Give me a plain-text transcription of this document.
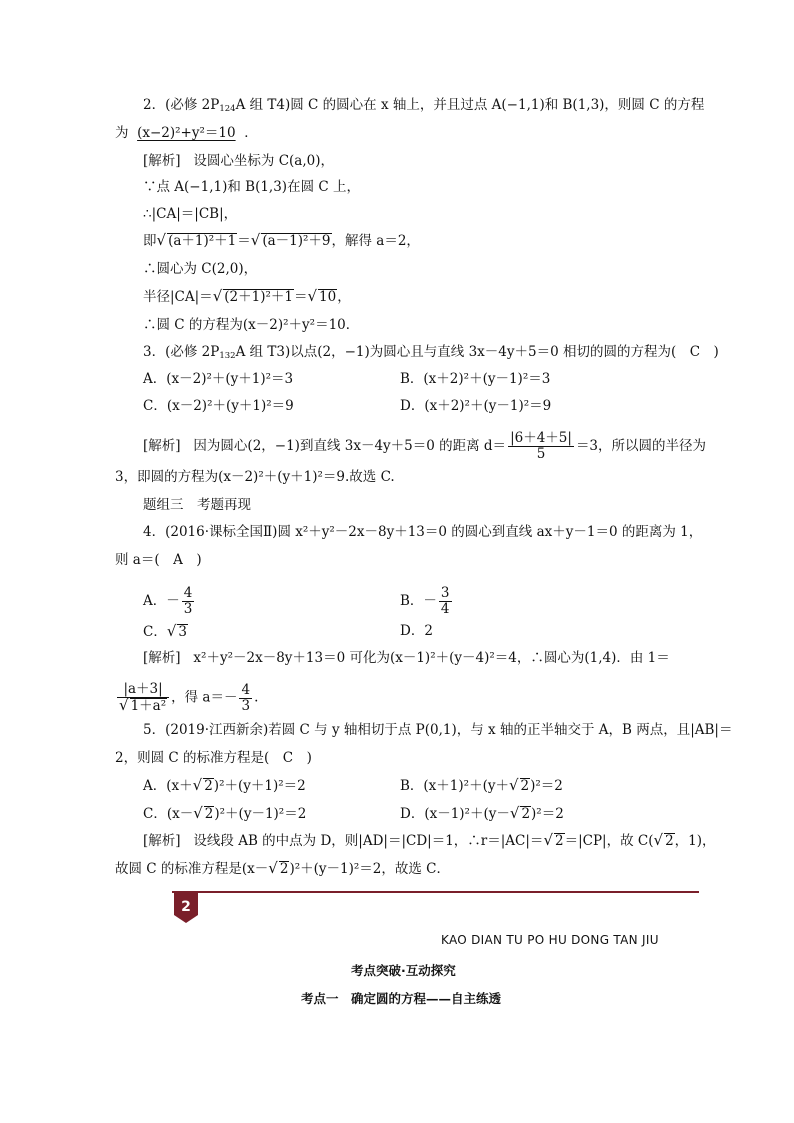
2．(必修 $2P_{124}A$ 组 T4)圆 C 的圆心在 x 轴上，并且过点 A(−1,1)和 B(1,3)，则圆 C 的方程
为 (x−2)²+y²＝10 ．
[解析] 设圆心坐标为 C(a,0)，
∵点 A(−1,1)和 B(1,3)在圆 C 上，
∴|CA|＝|CB|，
即√ (a＋1)²＋1＝√ (a－1)²＋9，解得 a＝2，
∴圆心为 C(2,0)，
半径|CA|＝√ (2＋1)²＋1＝√ 10，
∴圆 C 的方程为(x－2)²＋y²＝10．
3．(必修 $2P_{132}A$ 组 T3)以点(2，−1)为圆心且与直线 3x－4y＋5＝0 相切的圆的方程为(　C　)
A．(x－2)²＋(y＋1)²＝3	B．(x＋2)²＋(y－1)²＝3
C．(x－2)²＋(y＋1)²＝9	D．(x＋2)²＋(y－1)²＝9
[解析] 因为圆心(2，−1)到直线 3x－4y＋5＝0 的距离 $d= \frac{|6+4+5|}{5} =3$，所以圆的半径为
3，即圆的方程为(x－2)²＋(y＋1)²＝9.故选 C.
题组三　考题再现
4．(2016·课标全国Ⅱ)圆 x²＋y²－2x－8y＋13＝0 的圆心到直线 ax＋y－1＝0 的距离为 1，
则 a＝(　A　)
A．－ $\frac{4}{3}$	B．－ $\frac{3}{4}$
C．√ 3	D．2
[解析] x²＋y²－2x－8y＋13＝0 可化为(x－1)²＋(y－4)²＝4，∴圆心为(1,4)．由 1＝
$\frac{|a+3|}{\text{√ 1＋a²}}$ ，得 $a=- \frac{4}{3}$ .
5．(2019·江西新余)若圆 C 与 y 轴相切于点 P(0,1)，与 x 轴的正半轴交于 A，B 两点，且|AB|＝
2，则圆 C 的标准方程是(　C　)
A．(x＋√ 2)²＋(y＋1)²＝2	B．(x＋1)²＋(y＋√ 2)²＝2
C．(x－√ 2)²＋(y－1)²＝2	D．(x－1)²＋(y－√ 2)²＝2
[解析] 设线段 AB 的中点为 D，则|AD|＝|CD|＝1，∴r＝|AC|＝√ 2＝|CP|，故 C(√ 2，1)，
故圆 C 的标准方程是(x－√ 2)²＋(y－1)²＝2，故选 C．
2
KAO DIAN TU PO HU DONG TAN JIU
考点突破·互动探究
考点一　确定圆的方程——自主练透
